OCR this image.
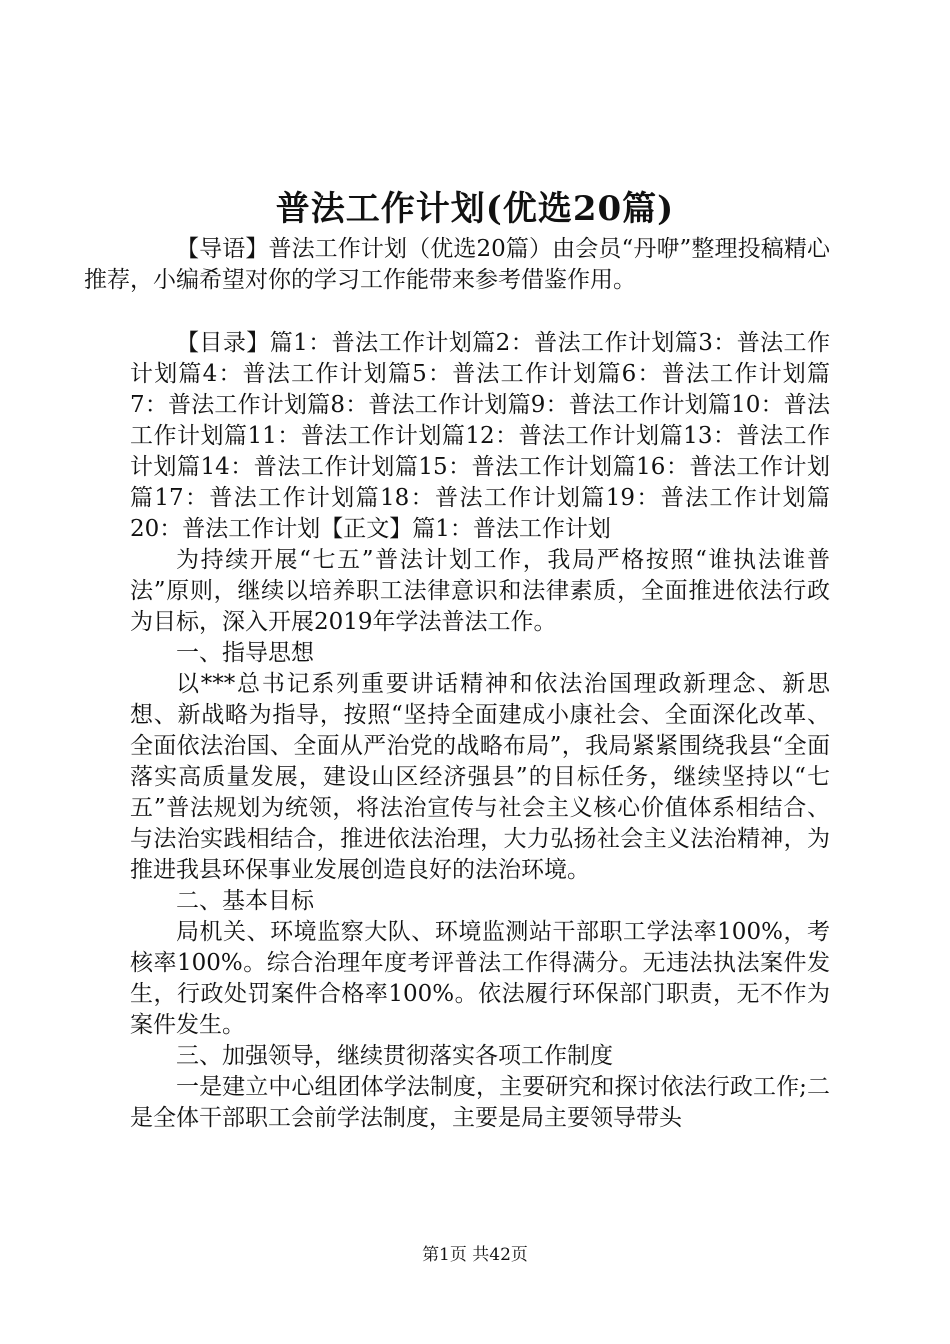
普法工作计划(优选20篇)

【导语】普法工作计划（优选20篇）由会员“丹咿”整理投稿精心推荐，小编希望对你的学习工作能带来参考借鉴作用。

【目录】篇1：普法工作计划篇2：普法工作计划篇3：普法工作计划篇4：普法工作计划篇5：普法工作计划篇6：普法工作计划篇7：普法工作计划篇8：普法工作计划篇9：普法工作计划篇10：普法工作计划篇11：普法工作计划篇12：普法工作计划篇13：普法工作计划篇14：普法工作计划篇15：普法工作计划篇16：普法工作计划篇17：普法工作计划篇18：普法工作计划篇19：普法工作计划篇20：普法工作计划【正文】篇1：普法工作计划

为持续开展“七五”普法计划工作，我局严格按照“谁执法谁普法”原则，继续以培养职工法律意识和法律素质，全面推进依法行政为目标，深入开展2019年学法普法工作。

一、指导思想

以***总书记系列重要讲话精神和依法治国理政新理念、新思想、新战略为指导，按照“坚持全面建成小康社会、全面深化改革、全面依法治国、全面从严治党的战略布局”，我局紧紧围绕我县“全面落实高质量发展，建设山区经济强县”的目标任务，继续坚持以“七五”普法规划为统领，将法治宣传与社会主义核心价值体系相结合、与法治实践相结合，推进依法治理，大力弘扬社会主义法治精神，为推进我县环保事业发展创造良好的法治环境。

二、基本目标

局机关、环境监察大队、环境监测站干部职工学法率100%，考核率100%。综合治理年度考评普法工作得满分。无违法执法案件发生，行政处罚案件合格率100%。依法履行环保部门职责，无不作为案件发生。

三、加强领导，继续贯彻落实各项工作制度

一是建立中心组团体学法制度，主要研究和探讨依法行政工作;二是全体干部职工会前学法制度，主要是局主要领导带头

第1页 共42页
